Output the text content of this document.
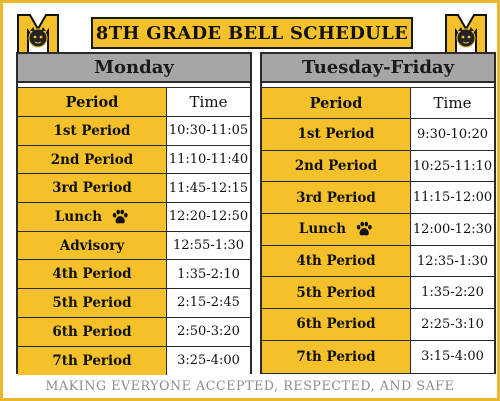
8TH GRADE BELL SCHEDULE
Monday
Period	Time
1st Period	10:30-11:05
2nd Period	11:10-11:40
3rd Period	11:45-12:15
Lunch	12:20-12:50
Advisory	12:55-1:30
4th Period	1:35-2:10
5th Period	2:15-2:45
6th Period	2:50-3:20
7th Period	3:25-4:00
Tuesday-Friday
Period	Time
1st Period	9:30-10:20
2nd Period	10:25-11:10
3rd Period	11:15-12:00
Lunch	12:00-12:30
4th Period	12:35-1:30
5th Period	1:35-2:20
6th Period	2:25-3:10
7th Period	3:15-4:00
MAKING EVERYONE ACCEPTED, RESPECTED, AND SAFE
